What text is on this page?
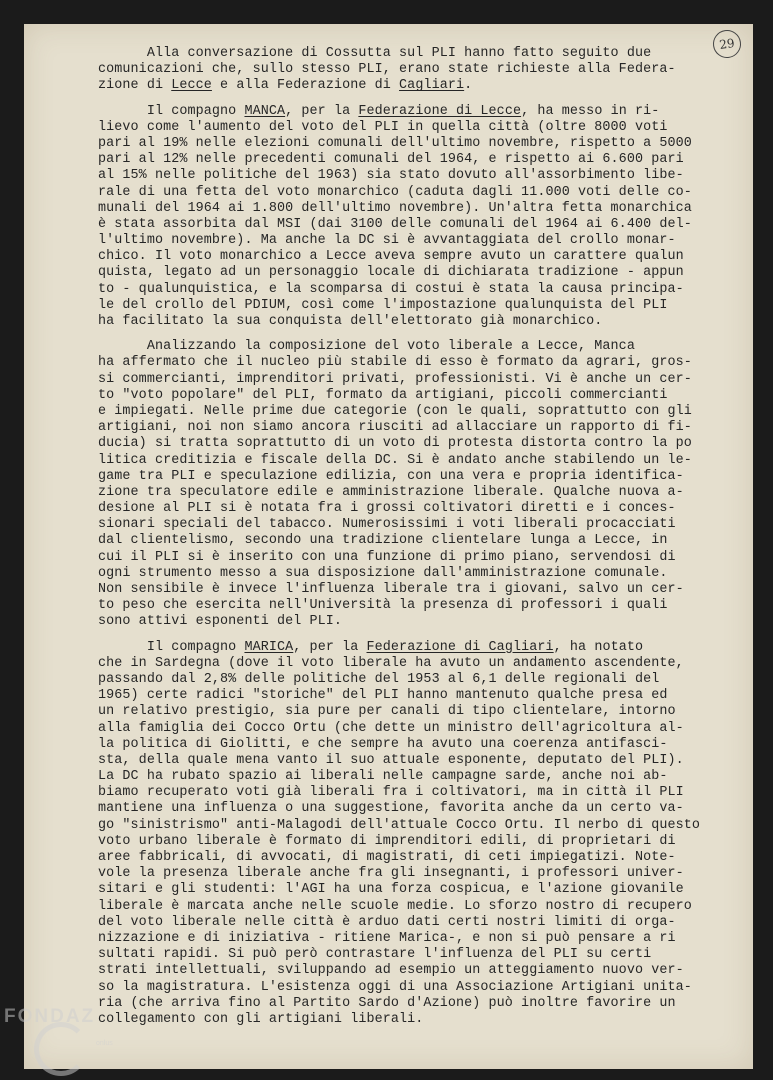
29
Alla conversazione di Cossutta sul PLI hanno fatto seguito due
comunicazioni che, sullo stesso PLI, erano state richieste alla Federa-
zione di Lecce e alla Federazione di Cagliari.
Il compagno MANCA, per la Federazione di Lecce, ha messo in ri-
lievo come l'aumento del voto del PLI in quella città (oltre 8000 voti
pari al 19% nelle elezioni comunali dell'ultimo novembre, rispetto a 5000
pari al 12% nelle precedenti comunali del 1964, e rispetto ai 6.600 pari
al 15% nelle politiche del 1963) sia stato dovuto all'assorbimento libe-
rale di una fetta del voto monarchico (caduta dagli 11.000 voti delle co-
munali del 1964 ai 1.800 dell'ultimo novembre). Un'altra fetta monarchica
è stata assorbita dal MSI (dai 3100 delle comunali del 1964 ai 6.400 del-
l'ultimo novembre). Ma anche la DC si è avvantaggiata del crollo monar-
chico. Il voto monarchico a Lecce aveva sempre avuto un carattere qualun
quista, legato ad un personaggio locale di dichiarata tradizione - appun
to - qualunquistica, e la scomparsa di costui è stata la causa principa-
le del crollo del PDIUM, così come l'impostazione qualunquista del PLI
ha facilitato la sua conquista dell'elettorato già monarchico.
Analizzando la composizione del voto liberale a Lecce, Manca
ha affermato che il nucleo più stabile di esso è formato da agrari, gros-
si commercianti, imprenditori privati, professionisti. Vi è anche un cer-
to "voto popolare" del PLI, formato da artigiani, piccoli commercianti
e impiegati. Nelle prime due categorie (con le quali, soprattutto con gli
artigiani, noi non siamo ancora riusciti ad allacciare un rapporto di fi-
ducia) si tratta soprattutto di un voto di protesta distorta contro la po
litica creditizia e fiscale della DC. Si è andato anche stabilendo un le-
game tra PLI e speculazione edilizia, con una vera e propria identifica-
zione tra speculatore edile e amministrazione liberale. Qualche nuova a-
desione al PLI si è notata fra i grossi coltivatori diretti e i conces-
sionari speciali del tabacco. Numerosissimi i voti liberali procacciati
dal clientelismo, secondo una tradizione clientelare lunga a Lecce, in
cui il PLI si è inserito con una funzione di primo piano, servendosi di
ogni strumento messo a sua disposizione dall'amministrazione comunale.
Non sensibile è invece l'influenza liberale tra i giovani, salvo un cer-
to peso che esercita nell'Università la presenza di professori i quali
sono attivi esponenti del PLI.
Il compagno MARICA, per la Federazione di Cagliari, ha notato
che in Sardegna (dove il voto liberale ha avuto un andamento ascendente,
passando dal 2,8% delle politiche del 1953 al 6,1 delle regionali del
1965) certe radici "storiche" del PLI hanno mantenuto qualche presa ed
un relativo prestigio, sia pure per canali di tipo clientelare, intorno
alla famiglia dei Cocco Ortu (che dette un ministro dell'agricoltura al-
la politica di Giolitti, e che sempre ha avuto una coerenza antifasci-
sta, della quale mena vanto il suo attuale esponente, deputato del PLI).
La DC ha rubato spazio ai liberali nelle campagne sarde, anche noi ab-
biamo recuperato voti già liberali fra i coltivatori, ma in città il PLI
mantiene una influenza o una suggestione, favorita anche da un certo va-
go "sinistrismo" anti-Malagodi dell'attuale Cocco Ortu. Il nerbo di questo
voto urbano liberale è formato di imprenditori edili, di proprietari di
aree fabbricali, di avvocati, di magistrati, di ceti impiegatizi. Note-
vole la presenza liberale anche fra gli insegnanti, i professori univer-
sitari e gli studenti: l'AGI ha una forza cospicua, e l'azione giovanile
liberale è marcata anche nelle scuole medie. Lo sforzo nostro di recupero
del voto liberale nelle città è arduo dati certi nostri limiti di orga-
nizzazione e di iniziativa - ritiene Marica-, e non si può pensare a ri
sultati rapidi. Si può però contrastare l'influenza del PLI su certi
strati intellettuali, sviluppando ad esempio un atteggiamento nuovo ver-
so la magistratura. L'esistenza oggi di una Associazione Artigiani unita-
ria (che arriva fino al Partito Sardo d'Azione) può inoltre favorire un
collegamento con gli artigiani liberali.
FONDAZ
onlus
